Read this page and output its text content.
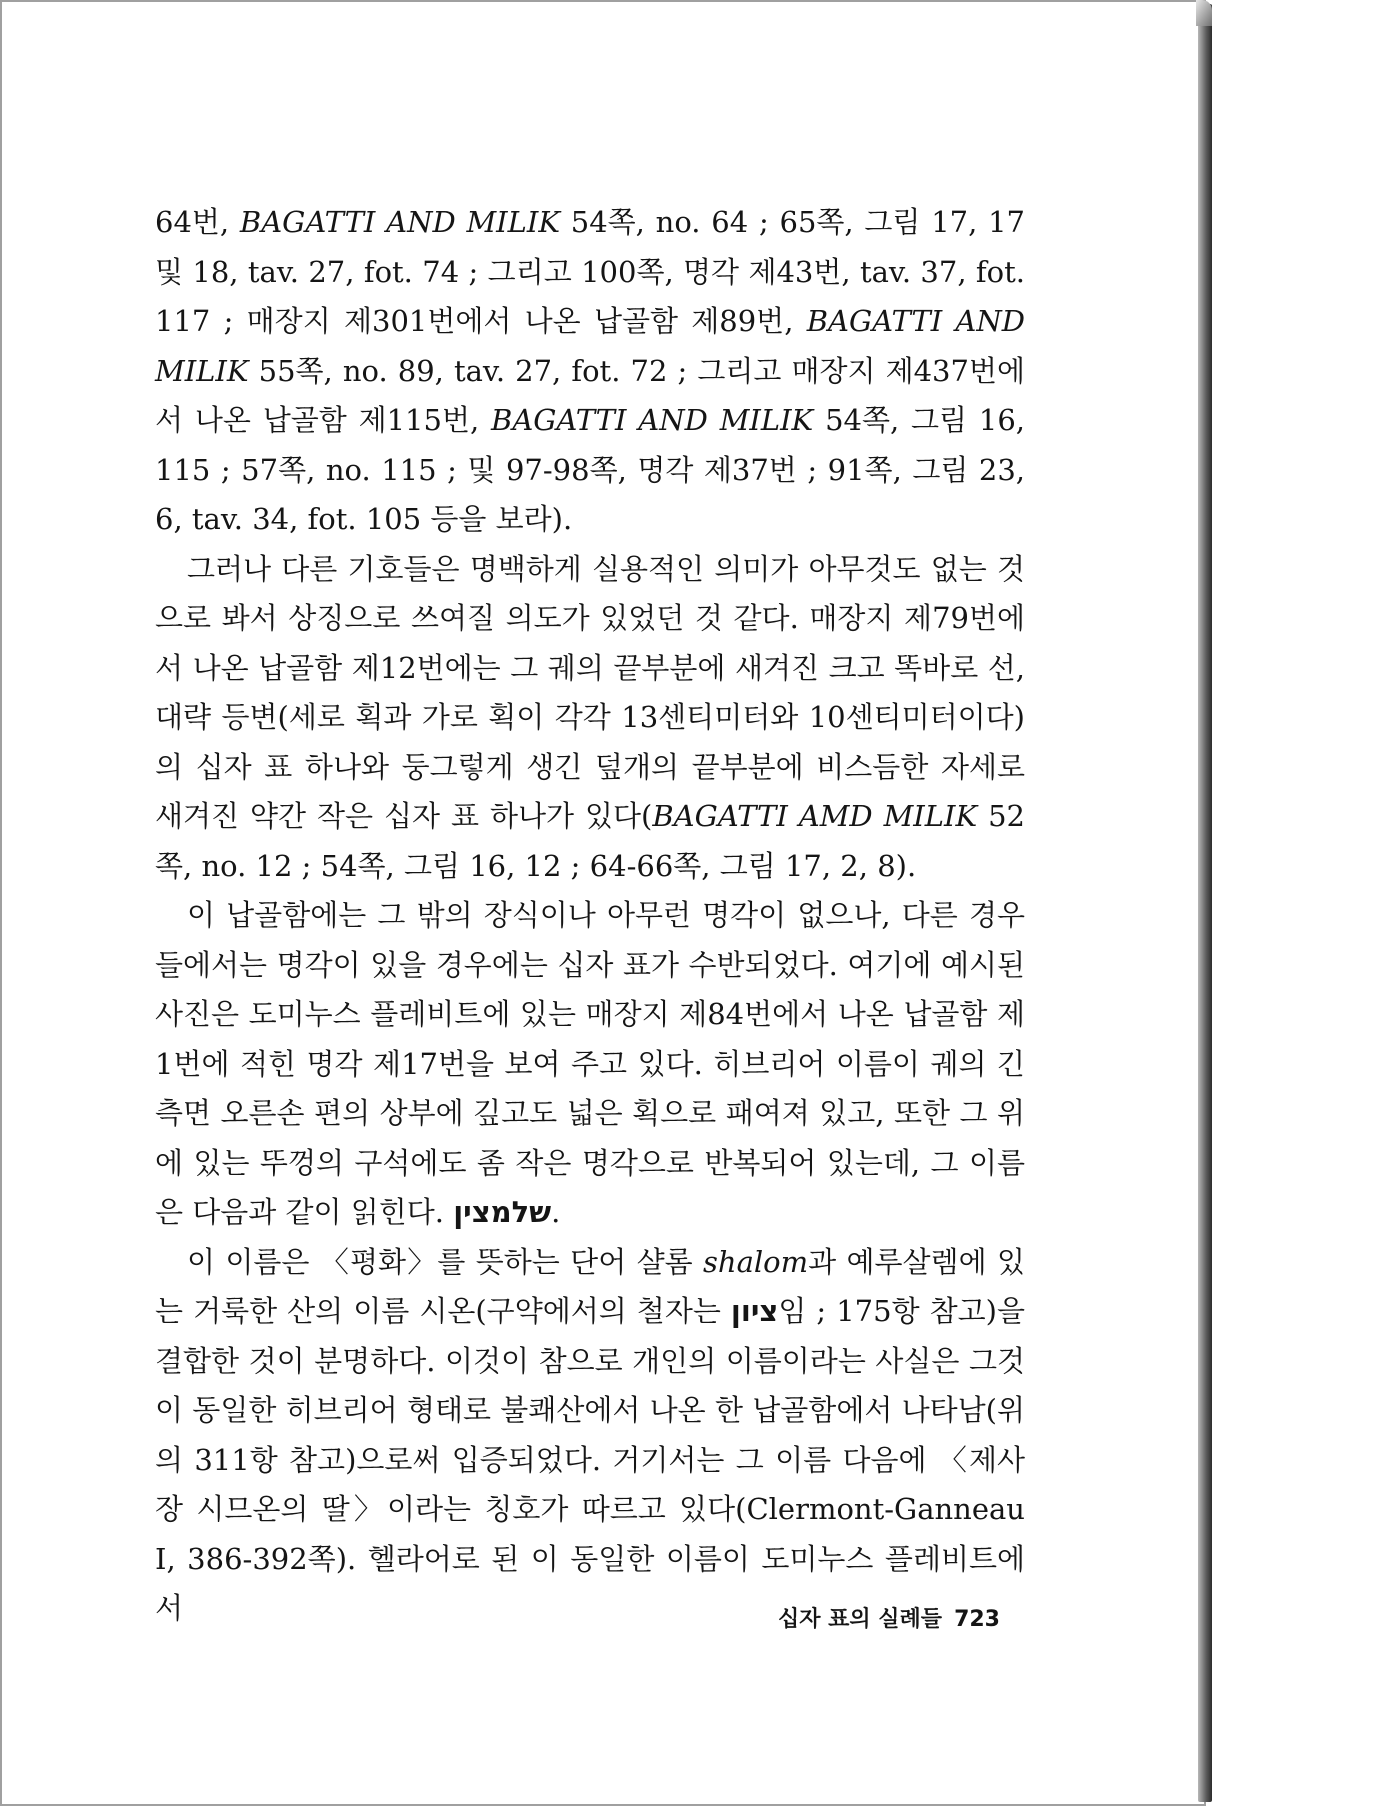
64번, BAGATTI AND MILIK 54쪽, no. 64 ; 65쪽, 그림 17, 17 및 18, tav. 27, fot. 74 ; 그리고 100쪽, 명각 제43번, tav. 37, fot. 117 ; 매장지 제301번에서 나온 납골함 제89번, BAGATTI AND MILIK 55쪽, no. 89, tav. 27, fot. 72 ; 그리고 매장지 제437번에서 나온 납골함 제115번, BAGATTI AND MILIK 54쪽, 그림 16, 115 ; 57쪽, no. 115 ; 및 97-98쪽, 명각 제37번 ; 91쪽, 그림 23, 6, tav. 34, fot. 105 등을 보라).

그러나 다른 기호들은 명백하게 실용적인 의미가 아무것도 없는 것으로 봐서 상징으로 쓰여질 의도가 있었던 것 같다. 매장지 제79번에서 나온 납골함 제12번에는 그 궤의 끝부분에 새겨진 크고 똑바로 선, 대략 등변(세로 획과 가로 획이 각각 13센티미터와 10센티미터이다)의 십자 표 하나와 둥그렇게 생긴 덮개의 끝부분에 비스듬한 자세로 새겨진 약간 작은 십자 표 하나가 있다(BAGATTI AMD MILIK 52쪽, no. 12 ; 54쪽, 그림 16, 12 ; 64-66쪽, 그림 17, 2, 8).

이 납골함에는 그 밖의 장식이나 아무런 명각이 없으나, 다른 경우들에서는 명각이 있을 경우에는 십자 표가 수반되었다. 여기에 예시된 사진은 도미누스 플레비트에 있는 매장지 제84번에서 나온 납골함 제1번에 적힌 명각 제17번을 보여 주고 있다. 히브리어 이름이 궤의 긴 측면 오른손 편의 상부에 깊고도 넓은 획으로 패여져 있고, 또한 그 위에 있는 뚜껑의 구석에도 좀 작은 명각으로 반복되어 있는데, 그 이름은 다음과 같이 읽힌다. שלמצין.

이 이름은 〈평화〉를 뜻하는 단어 샬롬 shalom과 예루살렘에 있는 거룩한 산의 이름 시온(구약에서의 철자는 ציון임 ; 175항 참고)을 결합한 것이 분명하다. 이것이 참으로 개인의 이름이라는 사실은 그것이 동일한 히브리어 형태로 불쾌산에서 나온 한 납골함에서 나타남(위의 311항 참고)으로써 입증되었다. 거기서는 그 이름 다음에 〈제사장 시므온의 딸〉이라는 칭호가 따르고 있다(Clermont-Ganneau I, 386-392쪽). 헬라어로 된 이 동일한 이름이 도미누스 플레비트에서	십자 표의 실례들 723
